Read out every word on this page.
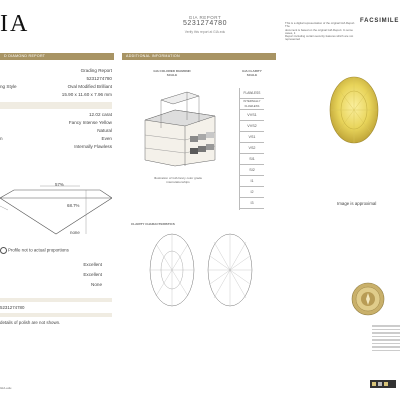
IA	GIA REPORT
5231274780
Verify this report at GIA.edu
FACSIMILE
This is a digital representation of the original GIA Report. The
document is based on the original GIA Report. In some cases, it
Report including certain security features which are not represented
D DIAMOND REPORT
Grading Report
5231274780
ng Style	Oval Modified Brilliant
15.90 x 11.60 x 7.96 mm
12.02 carat
Fancy Intense Yellow
Natural
n	Even
Internally Flawless
57%
68.7%
none
Profile not to actual proportions
Excellent
Excellent
None
5231274780
details of polish are not shown.
GIA.edu
ADDITIONAL INFORMATION
GIA COLORED DIAMOND SCALE
Illustration of GIA fancy color grade interrelationships
GIA CLARITY SCALE
FLAWLESS
INTERNALLY FLAWLESS
VVS1
VVS2
VS1
VS2
SI1
SI2
I1
I2
I3
CLARITY CHARACTERISTICS
Image is approximal
